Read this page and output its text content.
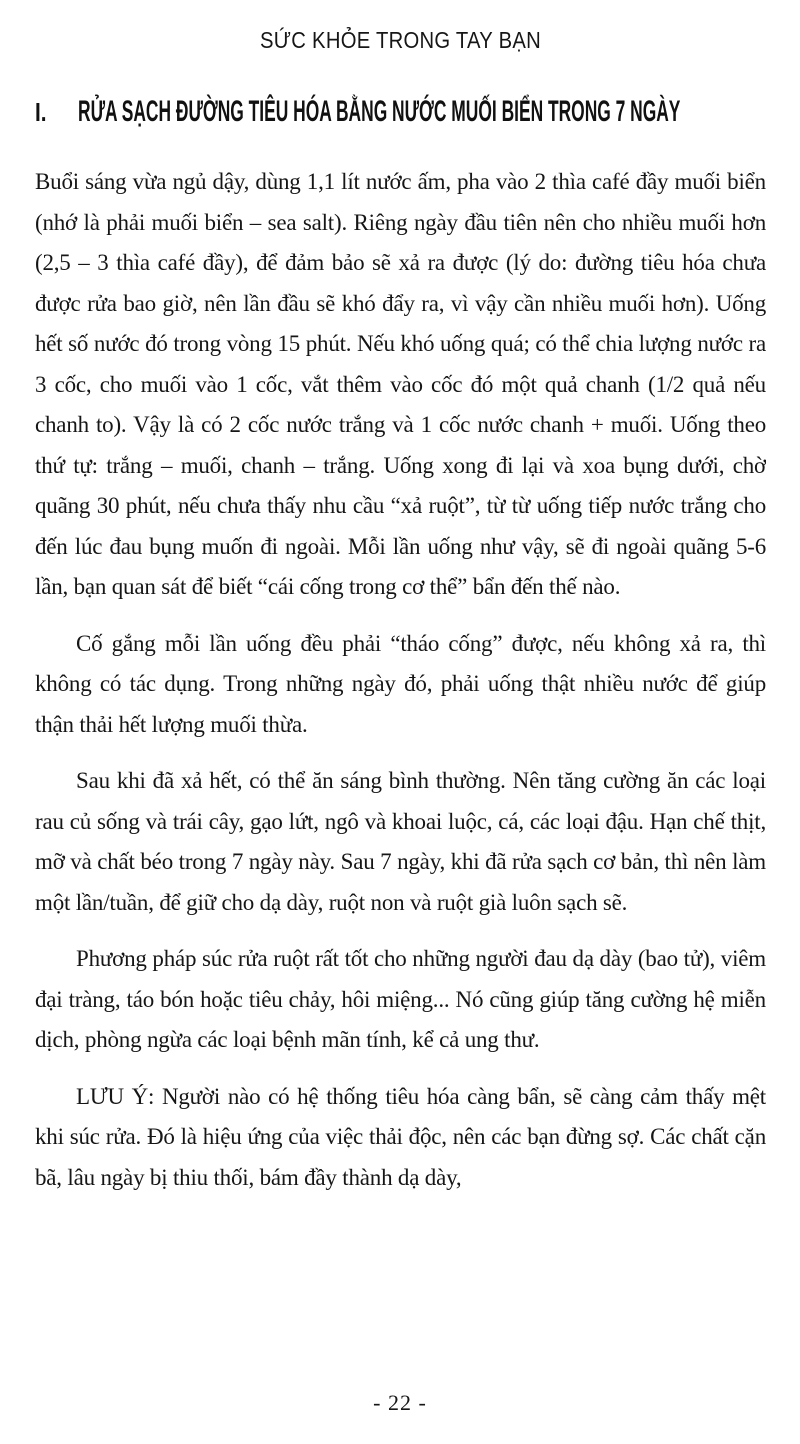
SỨC KHỎE TRONG TAY BẠN
I.	RỬA SẠCH ĐƯỜNG TIÊU HÓA BẰNG NƯỚC MUỐI BIỂN TRONG 7 NGÀY

Buổi sáng vừa ngủ dậy, dùng 1,1 lít nước ấm, pha vào 2 thìa café đầy muối biển (nhớ là phải muối biển – sea salt). Riêng ngày đầu tiên nên cho nhiều muối hơn (2,5 – 3 thìa café đầy), để đảm bảo sẽ xả ra được (lý do: đường tiêu hóa chưa được rửa bao giờ, nên lần đầu sẽ khó đẩy ra, vì vậy cần nhiều muối hơn). Uống hết số nước đó trong vòng 15 phút. Nếu khó uống quá; có thể chia lượng nước ra 3 cốc, cho muối vào 1 cốc, vắt thêm vào cốc đó một quả chanh (1/2 quả nếu chanh to). Vậy là có 2 cốc nước trắng và 1 cốc nước chanh + muối. Uống theo thứ tự: trắng – muối, chanh – trắng. Uống xong đi lại và xoa bụng dưới, chờ quãng 30 phút, nếu chưa thấy nhu cầu “xả ruột”, từ từ uống tiếp nước trắng cho đến lúc đau bụng muốn đi ngoài. Mỗi lần uống như vậy, sẽ đi ngoài quãng 5-6 lần, bạn quan sát để biết “cái cống trong cơ thể” bẩn đến thế nào.

Cố gắng mỗi lần uống đều phải “tháo cống” được, nếu không xả ra, thì không có tác dụng. Trong những ngày đó, phải uống thật nhiều nước để giúp thận thải hết lượng muối thừa.

Sau khi đã xả hết, có thể ăn sáng bình thường. Nên tăng cường ăn các loại rau củ sống và trái cây, gạo lứt, ngô và khoai luộc, cá, các loại đậu. Hạn chế thịt, mỡ và chất béo trong 7 ngày này. Sau 7 ngày, khi đã rửa sạch cơ bản, thì nên làm một lần/tuần, để giữ cho dạ dày, ruột non và ruột già luôn sạch sẽ.

Phương pháp súc rửa ruột rất tốt cho những người đau dạ dày (bao tử), viêm đại tràng, táo bón hoặc tiêu chảy, hôi miệng... Nó cũng giúp tăng cường hệ miễn dịch, phòng ngừa các loại bệnh mãn tính, kể cả ung thư.

LƯU Ý: Người nào có hệ thống tiêu hóa càng bẩn, sẽ càng cảm thấy mệt khi súc rửa. Đó là hiệu ứng của việc thải độc, nên các bạn đừng sợ. Các chất cặn bã, lâu ngày bị thiu thối, bám đầy thành dạ dày,

- 22 -
